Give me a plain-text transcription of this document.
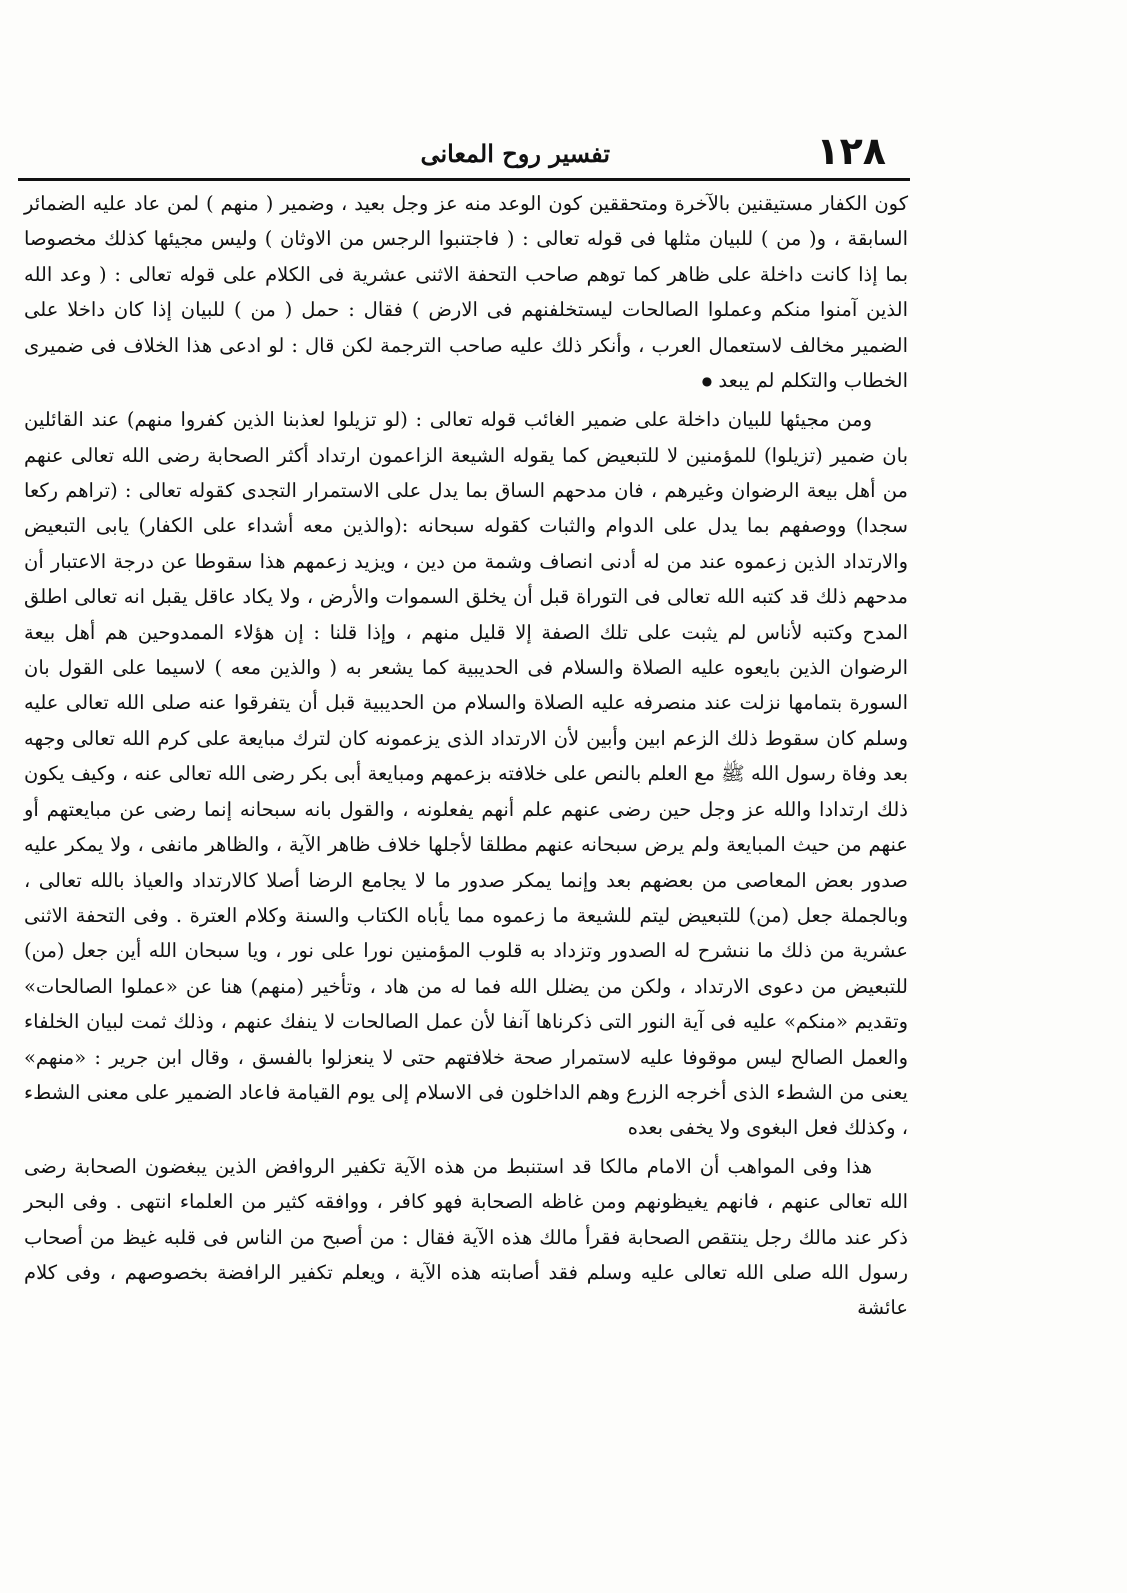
١٢٨
تفسير روح المعانى

كون الكفار مستيقنين بالآخرة ومتحققين كون الوعد منه عز وجل بعيد ، وضمير ( منهم ) لمن عاد عليه الضمائر السابقة ، و( من ) للبيان مثلها فى قوله تعالى : ( فاجتنبوا الرجس من الاوثان ) وليس مجيئها كذلك مخصوصا بما إذا كانت داخلة على ظاهر كما توهم صاحب التحفة الاثنى عشرية فى الكلام على قوله تعالى : ( وعد الله الذين آمنوا منكم وعملوا الصالحات ليستخلفنهم فى الارض ) فقال : حمل ( من ) للبيان إذا كان داخلا على الضمير مخالف لاستعمال العرب ، وأنكر ذلك عليه صاحب الترجمة لكن قال : لو ادعى هذا الخلاف فى ضميرى الخطاب والتكلم لم يبعد ●

ومن مجيئها للبيان داخلة على ضمير الغائب قوله تعالى : (لو تزيلوا لعذبنا الذين كفروا منهم) عند القائلين بان ضمير (تزيلوا) للمؤمنين لا للتبعيض كما يقوله الشيعة الزاعمون ارتداد أكثر الصحابة رضى الله تعالى عنهم من أهل بيعة الرضوان وغيرهم ، فان مدحهم الساق بما يدل على الاستمرار التجدى كقوله تعالى : (تراهم ركعا سجدا) ووصفهم بما يدل على الدوام والثبات كقوله سبحانه :(والذين معه أشداء على الكفار) يابى التبعيض والارتداد الذين زعموه عند من له أدنى انصاف وشمة من دين ، ويزيد زعمهم هذا سقوطا عن درجة الاعتبار أن مدحهم ذلك قد كتبه الله تعالى فى التوراة قبل أن يخلق السموات والأرض ، ولا يكاد عاقل يقبل انه تعالى اطلق المدح وكتبه لأناس لم يثبت على تلك الصفة إلا قليل منهم ، وإذا قلنا : إن هؤلاء الممدوحين هم أهل بيعة الرضوان الذين بايعوه عليه الصلاة والسلام فى الحديبية كما يشعر به ( والذين معه ) لاسيما على القول بان السورة بتمامها نزلت عند منصرفه عليه الصلاة والسلام من الحديبية قبل أن يتفرقوا عنه صلى الله تعالى عليه وسلم كان سقوط ذلك الزعم ابين وأبين لأن الارتداد الذى يزعمونه كان لترك مبايعة على كرم الله تعالى وجهه بعد وفاة رسول الله ﷺ مع العلم بالنص على خلافته بزعمهم ومبايعة أبى بكر رضى الله تعالى عنه ، وكيف يكون ذلك ارتدادا والله عز وجل حين رضى عنهم علم أنهم يفعلونه ، والقول بانه سبحانه إنما رضى عن مبايعتهم أو عنهم من حيث المبايعة ولم يرض سبحانه عنهم مطلقا لأجلها خلاف ظاهر الآية ، والظاهر مانفى ، ولا يمكر عليه صدور بعض المعاصى من بعضهم بعد وإنما يمكر صدور ما لا يجامع الرضا أصلا كالارتداد والعياذ بالله تعالى ، وبالجملة جعل (من) للتبعيض ليتم للشيعة ما زعموه مما يأباه الكتاب والسنة وكلام العترة . وفى التحفة الاثنى عشرية من ذلك ما ننشرح له الصدور وتزداد به قلوب المؤمنين نورا على نور ، ويا سبحان الله أين جعل (من) للتبعيض من دعوى الارتداد ، ولكن من يضلل الله فما له من هاد ، وتأخير (منهم) هنا عن «عملوا الصالحات» وتقديم «منكم» عليه فى آية النور التى ذكرناها آنفا لأن عمل الصالحات لا ينفك عنهم ، وذلك ثمت لبيان الخلفاء والعمل الصالح ليس موقوفا عليه لاستمرار صحة خلافتهم حتى لا ينعزلوا بالفسق ، وقال ابن جرير : «منهم» يعنى من الشطء الذى أخرجه الزرع وهم الداخلون فى الاسلام إلى يوم القيامة فاعاد الضمير على معنى الشطء ، وكذلك فعل البغوى ولا يخفى بعده

هذا وفى المواهب أن الامام مالكا قد استنبط من هذه الآية تكفير الروافض الذين يبغضون الصحابة رضى الله تعالى عنهم ، فانهم يغيظونهم ومن غاظه الصحابة فهو كافر ، ووافقه كثير من العلماء انتهى . وفى البحر ذكر عند مالك رجل ينتقص الصحابة فقرأ مالك هذه الآية فقال : من أصبح من الناس فى قلبه غيظ من أصحاب رسول الله صلى الله تعالى عليه وسلم فقد أصابته هذه الآية ، ويعلم تكفير الرافضة بخصوصهم ، وفى كلام عائشة
